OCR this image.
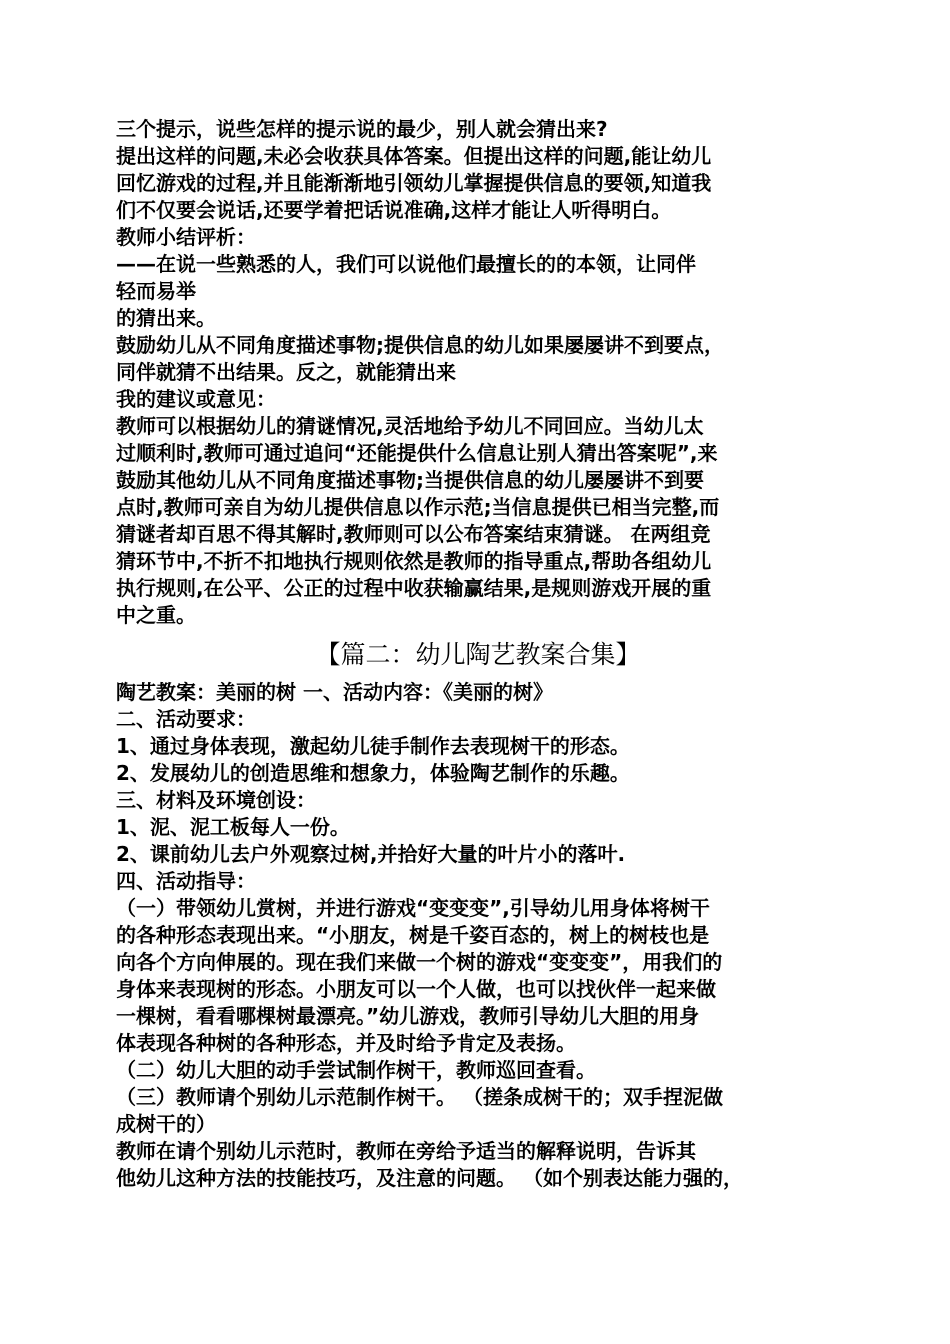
三个提示，说些怎样的提示说的最少，别人就会猜出来?
提出这样的问题,未必会收获具体答案。但提出这样的问题,能让幼儿
回忆游戏的过程,并且能渐渐地引领幼儿掌握提供信息的要领,知道我
们不仅要会说话,还要学着把话说准确,这样才能让人听得明白。
教师小结评析：
——在说一些熟悉的人，我们可以说他们最擅长的的本领，让同伴
轻而易举
的猜出来。
鼓励幼儿从不同角度描述事物;提供信息的幼儿如果屡屡讲不到要点，
同伴就猜不出结果。反之，就能猜出来
我的建议或意见：
教师可以根据幼儿的猜谜情况,灵活地给予幼儿不同回应。当幼儿太
过顺利时,教师可通过追问“还能提供什么信息让别人猜出答案呢”,来
鼓励其他幼儿从不同角度描述事物;当提供信息的幼儿屡屡讲不到要
点时,教师可亲自为幼儿提供信息以作示范;当信息提供已相当完整,而
猜谜者却百思不得其解时,教师则可以公布答案结束猜谜。 在两组竞
猜环节中,不折不扣地执行规则依然是教师的指导重点,帮助各组幼儿
执行规则,在公平、公正的过程中收获输赢结果,是规则游戏开展的重
中之重。
【篇二：幼儿陶艺教案合集】
陶艺教案：美丽的树 一、活动内容：《美丽的树》
二、活动要求：
1、通过身体表现，激起幼儿徒手制作去表现树干的形态。
2、发展幼儿的创造思维和想象力，体验陶艺制作的乐趣。
三、材料及环境创设：
1、泥、泥工板每人一份。
2、课前幼儿去户外观察过树,并拾好大量的叶片小的落叶.
四、活动指导：
（一）带领幼儿赏树，并进行游戏“变变变”,引导幼儿用身体将树干
的各种形态表现出来。“小朋友，树是千姿百态的，树上的树枝也是
向各个方向伸展的。现在我们来做一个树的游戏“变变变”，用我们的
身体来表现树的形态。小朋友可以一个人做，也可以找伙伴一起来做
一棵树，看看哪棵树最漂亮。”幼儿游戏，教师引导幼儿大胆的用身
体表现各种树的各种形态，并及时给予肯定及表扬。
（二）幼儿大胆的动手尝试制作树干，教师巡回查看。
（三）教师请个别幼儿示范制作树干。 （搓条成树干的；双手捏泥做
成树干的）
教师在请个别幼儿示范时，教师在旁给予适当的解释说明，告诉其
他幼儿这种方法的技能技巧，及注意的问题。 （如个别表达能力强的，
